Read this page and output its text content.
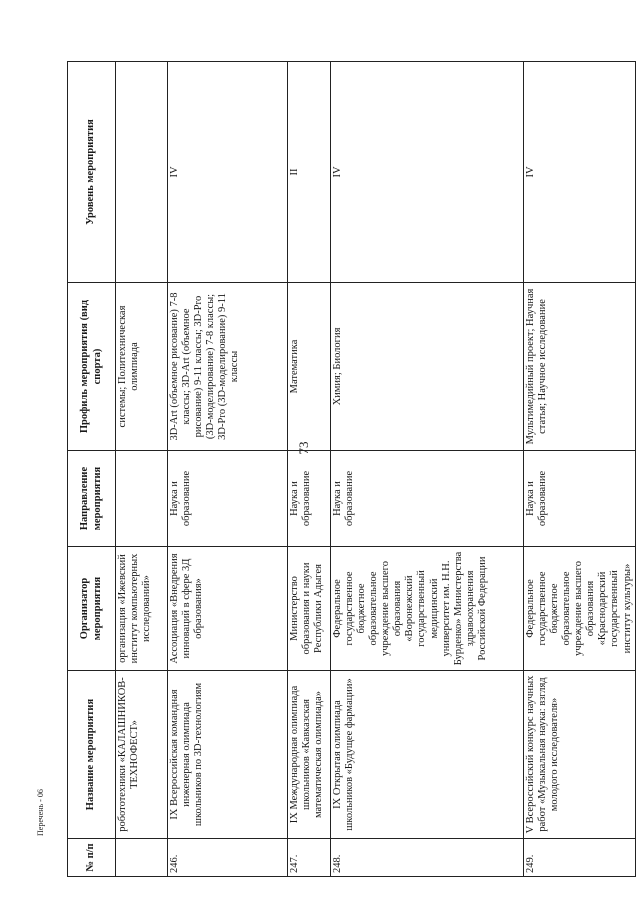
73
№ п/п	Название мероприятия	Организатор мероприятия	Направление мероприятия	Профиль мероприятия (вид спорта)	Уровень мероприятия
	робототехники «КАЛАШНИКОВ-ТЕХНОФЕСТ»	организация «Ижевский институт компьютерных исследований»		системы; Политехническая олимпиада	
246.	IX Всероссийская командная инженерная олимпиада школьников по 3D-технологиям	Ассоциация «Внедрения инноваций в сфере 3Д образования»	Наука и образование	3D-Art (объемное рисование) 7-8 классы; 3D-Art (объемное рисование) 9-11 классы; 3D-Pro (3D-моделирование) 7-8 классы; 3D-Pro (3D-моделирование) 9-11 классы	IV
247.	IX Международная олимпиада школьников «Кавказская математическая олимпиада»	Министерство образования и науки Республики Адыгея	Наука и образование	Математика	II
248.	IX Открытая олимпиада школьников «Будущее фармации»	Федеральное государственное бюджетное образовательное учреждение высшего образования «Воронежский государственный медицинский университет им. Н.Н. Бурденко» Министерства здравоохранения Российской Федерации	Наука и образование	Химия; Биология	IV
249.	V Всероссийский конкурс научных работ «Музыкальная наука: взгляд молодого исследователя»	Федеральное государственное бюджетное образовательное учреждение высшего образования «Краснодарский государственный институт культуры»	Наука и образование	Мультимедийный проект; Научная статья; Научное исследование	IV
Перечень - 06
